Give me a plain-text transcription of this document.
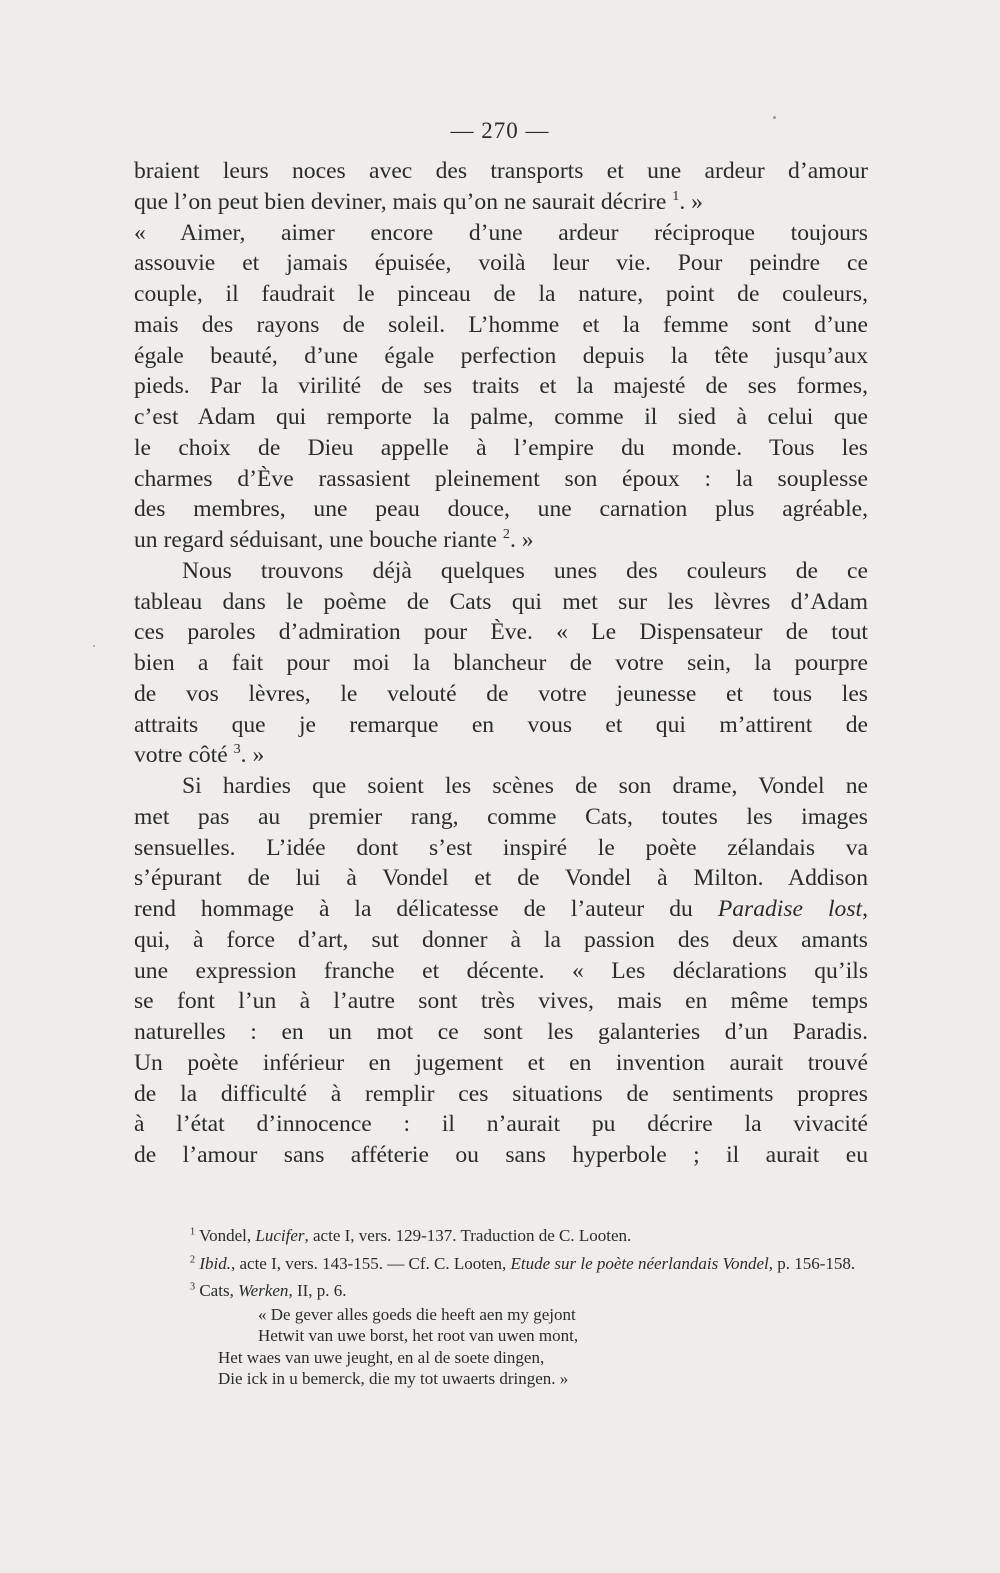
— 270 —

braient leurs noces avec des transports et une ardeur d’amour

que l’on peut bien deviner, mais qu’on ne saurait décrire $^1$. »

« Aimer, aimer encore d’une ardeur réciproque toujours

assouvie et jamais épuisée, voilà leur vie. Pour peindre ce

couple, il faudrait le pinceau de la nature, point de couleurs,

mais des rayons de soleil. L’homme et la femme sont d’une

égale beauté, d’une égale perfection depuis la tête jusqu’aux

pieds. Par la virilité de ses traits et la majesté de ses formes,

c’est Adam qui remporte la palme, comme il sied à celui que

le choix de Dieu appelle à l’empire du monde. Tous les

charmes d’Ève rassasient pleinement son époux : la souplesse

des membres, une peau douce, une carnation plus agréable,

un regard séduisant, une bouche riante $^2$. »

Nous trouvons déjà quelques unes des couleurs de ce

tableau dans le poème de Cats qui met sur les lèvres d’Adam

ces paroles d’admiration pour Ève. « Le Dispensateur de tout

bien a fait pour moi la blancheur de votre sein, la pourpre

de vos lèvres, le velouté de votre jeunesse et tous les

attraits que je remarque en vous et qui m’attirent de

votre côté $^3$. »

Si hardies que soient les scènes de son drame, Vondel ne

met pas au premier rang, comme Cats, toutes les images

sensuelles. L’idée dont s’est inspiré le poète zélandais va

s’épurant de lui à Vondel et de Vondel à Milton. Addison

rend hommage à la délicatesse de l’auteur du Paradise lost,

qui, à force d’art, sut donner à la passion des deux amants

une expression franche et décente. « Les déclarations qu’ils

se font l’un à l’autre sont très vives, mais en même temps

naturelles : en un mot ce sont les galanteries d’un Paradis.

Un poète inférieur en jugement et en invention aurait trouvé

de la difficulté à remplir ces situations de sentiments propres

à l’état d’innocence : il n’aurait pu décrire la vivacité

de l’amour sans afféterie ou sans hyperbole ; il aurait eu

$^1$ Vondel, Lucifer, acte I, vers. 129-137. Traduction de C. Looten.

$^2$ Ibid., acte I, vers. 143-155. — Cf. C. Looten, Etude sur le poète néerlandais Vondel, p. 156-158.

$^3$ Cats, Werken, II, p. 6.

« De gever alles goeds die heeft aen my gejont

Hetwit van uwe borst, het root van uwen mont,

Het waes van uwe jeught, en al de soete dingen,

Die ick in u bemerck, die my tot uwaerts dringen. »
